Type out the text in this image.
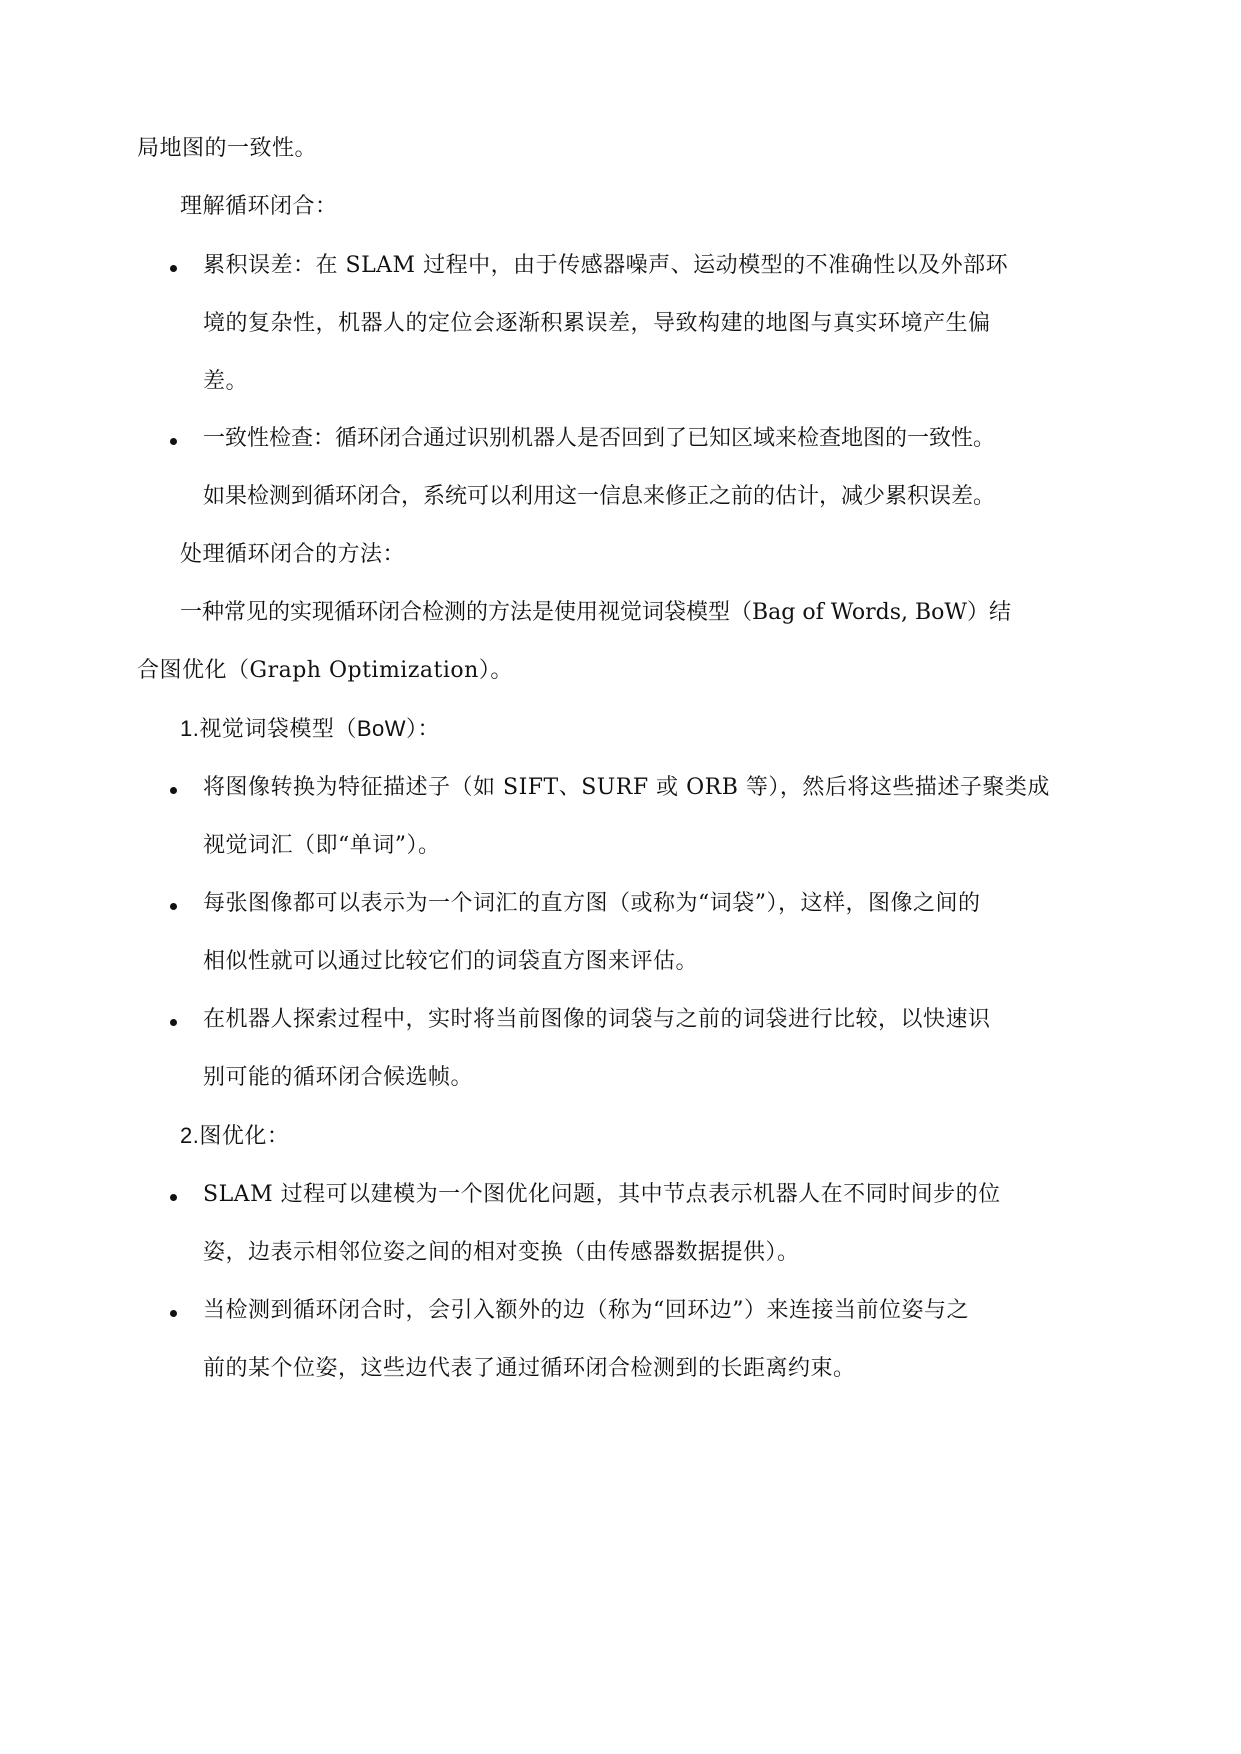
局地图的一致性。
理解循环闭合：
累积误差：在 SLAM 过程中，由于传感器噪声、运动模型的不准确性以及外部环
境的复杂性，机器人的定位会逐渐积累误差，导致构建的地图与真实环境产生偏
差。
一致性检查：循环闭合通过识别机器人是否回到了已知区域来检查地图的一致性。
如果检测到循环闭合，系统可以利用这一信息来修正之前的估计，减少累积误差。
处理循环闭合的方法：
一种常见的实现循环闭合检测的方法是使用视觉词袋模型（Bag of Words, BoW）结
合图优化（Graph Optimization）。
1.视觉词袋模型（BoW）：
将图像转换为特征描述子（如 SIFT、SURF 或 ORB 等），然后将这些描述子聚类成
视觉词汇（即“单词”）。
每张图像都可以表示为一个词汇的直方图（或称为“词袋”），这样，图像之间的
相似性就可以通过比较它们的词袋直方图来评估。
在机器人探索过程中，实时将当前图像的词袋与之前的词袋进行比较，以快速识
别可能的循环闭合候选帧。
2.图优化：
SLAM 过程可以建模为一个图优化问题，其中节点表示机器人在不同时间步的位
姿，边表示相邻位姿之间的相对变换（由传感器数据提供）。
当检测到循环闭合时，会引入额外的边（称为“回环边”）来连接当前位姿与之
前的某个位姿，这些边代表了通过循环闭合检测到的长距离约束。
